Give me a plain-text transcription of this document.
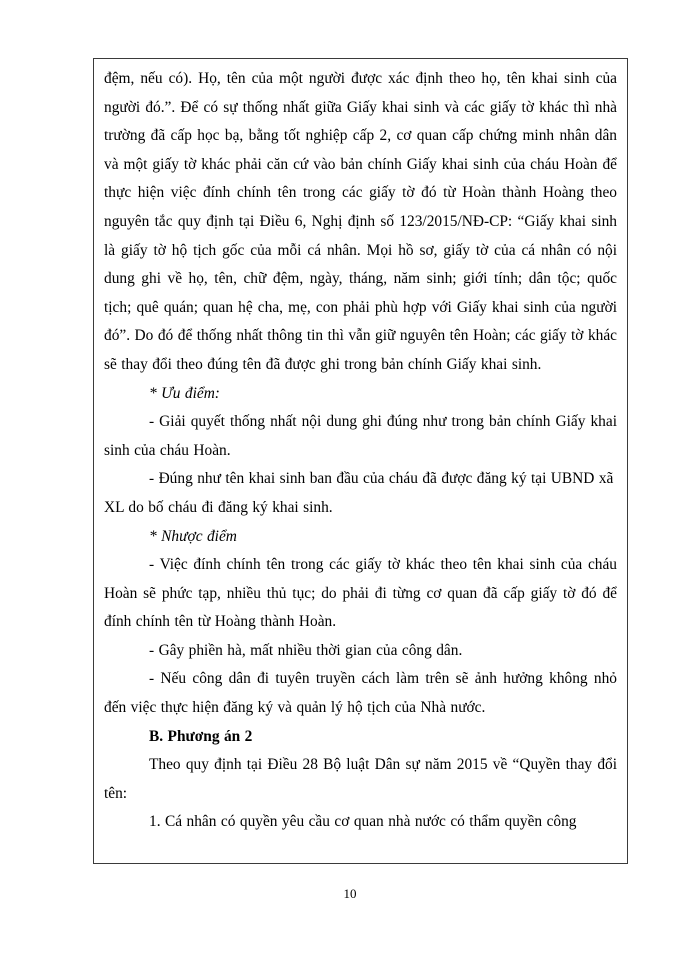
đệm, nếu có). Họ, tên của một người được xác định theo họ, tên khai sinh của người đó.”. Để có sự thống nhất giữa Giấy khai sinh và các giấy tờ khác thì nhà trường đã cấp học bạ, bằng tốt nghiệp cấp 2, cơ quan cấp chứng minh nhân dân và một giấy tờ khác phải căn cứ vào bản chính Giấy khai sinh của cháu Hoàn để thực hiện việc đính chính tên trong các giấy tờ đó từ Hoàn thành Hoàng theo nguyên tắc quy định tại Điều 6, Nghị định số 123/2015/NĐ-CP: “Giấy khai sinh là giấy tờ hộ tịch gốc của mỗi cá nhân. Mọi hồ sơ, giấy tờ của cá nhân có nội dung ghi về họ, tên, chữ đệm, ngày, tháng, năm sinh; giới tính; dân tộc; quốc tịch; quê quán; quan hệ cha, mẹ, con phải phù hợp với Giấy khai sinh của người đó”. Do đó để thống nhất thông tin thì vẫn giữ nguyên tên Hoàn; các giấy tờ khác sẽ thay đổi theo đúng tên đã được ghi trong bản chính Giấy khai sinh.

* Ưu điểm:

- Giải quyết thống nhất nội dung ghi đúng như trong bản chính Giấy khai sinh của cháu Hoàn.

- Đúng như tên khai sinh ban đầu của cháu đã được đăng ký tại UBND xã

XL do bố cháu đi đăng ký khai sinh.

* Nhược điểm

- Việc đính chính tên trong các giấy tờ khác theo tên khai sinh của cháu Hoàn sẽ phức tạp, nhiều thủ tục; do phải đi từng cơ quan đã cấp giấy tờ đó để đính chính tên từ Hoàng thành Hoàn.

- Gây phiền hà, mất nhiều thời gian của công dân.

- Nếu công dân đi tuyên truyền cách làm trên sẽ ảnh hưởng không nhỏ đến việc thực hiện đăng ký và quản lý hộ tịch của Nhà nước.

B. Phương án 2

Theo quy định tại Điều 28 Bộ luật Dân sự năm 2015 về “Quyền thay đổi tên:

1. Cá nhân có quyền yêu cầu cơ quan nhà nước có thẩm quyền công

10
